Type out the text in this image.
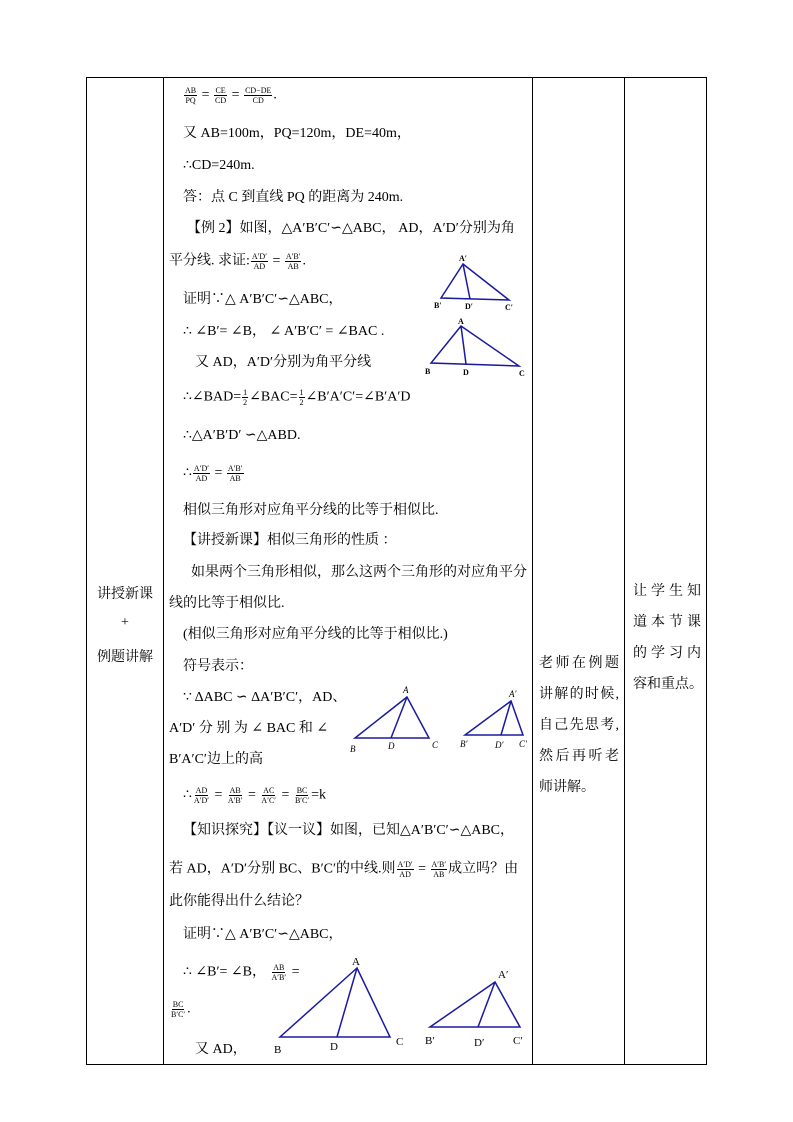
讲授新课
+
例题讲解
$\frac{AB}{PQ} = \frac{CE}{CD} = \frac{CD-DE}{CD}$ .
又 AB=100m，PQ=120m，DE=40m，
∴CD=240m.
答：点 C 到直线 PQ 的距离为 240m.
【例 2】如图，△A′B′C′∽△ABC， AD，A′D′分别为角
平分线. 求证: $\frac{A'D'}{AD} = \frac{A'B'}{AB}$ .
证明∵△ A′B′C′∽△ABC，
∴ ∠B′= ∠B， ∠ A′B′C′ = ∠BAC .
又 AD，A′D′分别为角平分线
∴∠BAD= $\frac{1}{2}$ ∠BAC= $\frac{1}{2}$ ∠B′A′C′=∠B′A′D
∴△A′B′D′ ∽△ABD.
∴ $\frac{A'D'}{AD} = \frac{A'B'}{AB}$
相似三角形对应角平分线的比等于相似比.
【讲授新课】相似三角形的性质 ：
如果两个三角形相似，那么这两个三角形的对应角平分
线的比等于相似比.
(相似三角形对应角平分线的比等于相似比.)
符号表示：
∵ ΔABC ∽ ΔA′B′C′，AD、
A′D′ 分 别 为 ∠ BAC 和 ∠
B′A′C′边上的高
∴ $\frac{AD}{A'D'} = \frac{AB}{A'B'} = \frac{AC}{A'C'} = \frac{BC}{B'C'} =k$
【知识探究】【议一议】如图，已知△A′B′C′∽△ABC，
若 AD，A′D′分别 BC、B′C′的中线.则 $\frac{A'D'}{AD} = \frac{A'B'}{AB}$ 成立吗？由
此你能得出什么结论？
证明∵△ A′B′C′∽△ABC，
∴ ∠B′= ∠B， $\frac{AB}{A'B'}$ =
$\frac{BC}{B'C'}$ .
又 AD，
A′
B′	D′	C′
A
B	D	C
A
B	D	C
A′
B′	D′ C′
A
B	D	C
A′
B′	D′	C′
老师在例题
讲解的时候,
自己先思考,
然后再听老
师讲解。
让学生知
道本节课
的学习内
容和重点。
